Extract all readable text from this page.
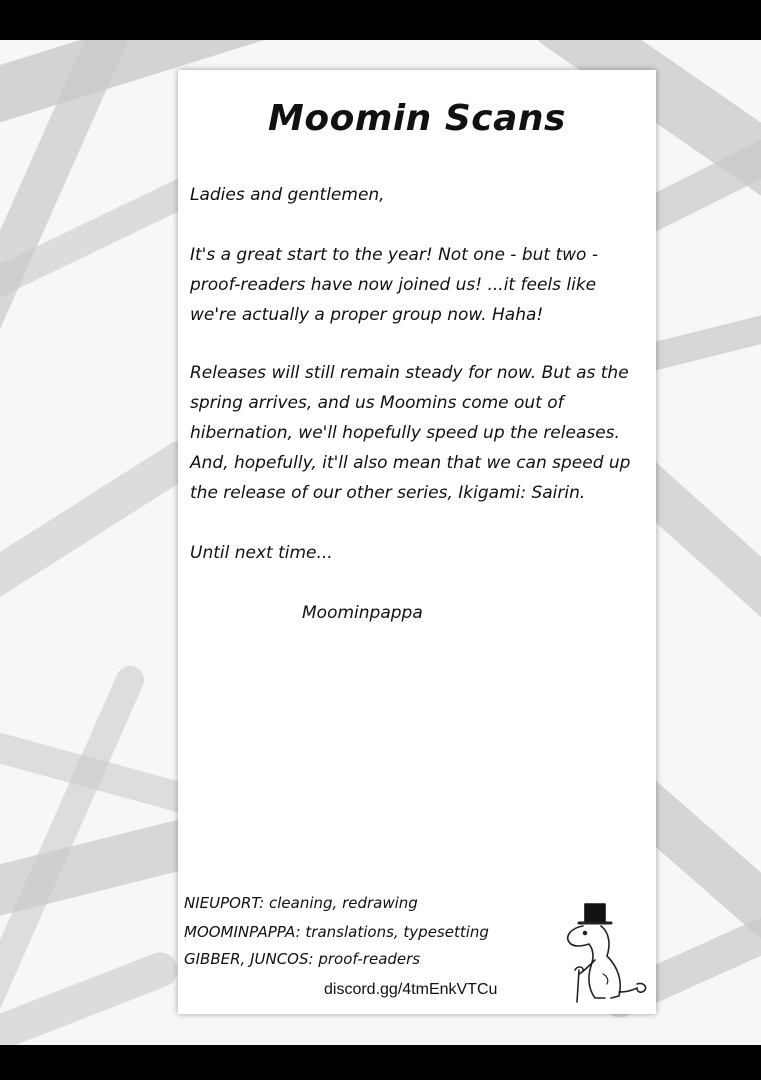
Moomin Scans
Ladies and gentlemen,
It's a great start to the year! Not one - but two - proof-readers have now joined us! ...it feels like we're actually a proper group now. Haha!
Releases will still remain steady for now. But as the spring arrives, and us Moomins come out of hibernation, we'll hopefully speed up the releases. And, hopefully, it'll also mean that we can speed up the release of our other series, Ikigami: Sairin.
Until next time...
Moominpappa
NIEUPORT: cleaning, redrawing
MOOMINPAPPA: translations, typesetting
GIBBER, JUNCOS: proof-readers
discord.gg/4tmEnkVTCu
